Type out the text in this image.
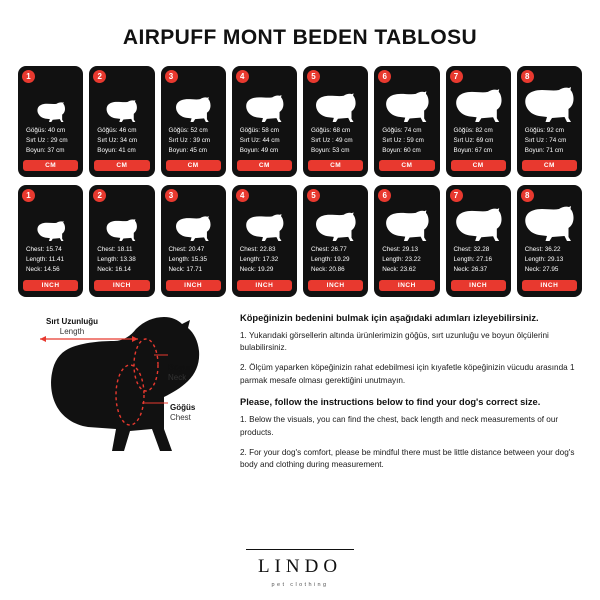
AIRPUFF MONT BEDEN TABLOSU
1
Göğüs: 40 cm
Sırt Uz : 29 cm
Boyun: 37 cm
CM
2
Göğüs: 46 cm
Sırt Uz: 34 cm
Boyun: 41 cm
CM
3
Göğüs: 52 cm
Sırt Uz : 39 cm
Boyun: 45 cm
CM
4
Göğüs: 58 cm
Sırt Uz: 44 cm
Boyun: 49 cm
CM
5
Göğüs: 68 cm
Sırt Uz : 49 cm
Boyun: 53 cm
CM
6
Göğüs: 74 cm
Sırt Uz : 59 cm
Boyun: 60 cm
CM
7
Göğüs: 82 cm
Sırt Uz: 69 cm
Boyun: 67 cm
CM
8
Göğüs: 92 cm
Sırt Uz : 74 cm
Boyun: 71 cm
CM
1
Chest: 15.74
Length: 11.41
Neck: 14.56
INCH
2
Chest: 18.11
Length: 13.38
Neck: 16.14
INCH
3
Chest: 20.47
Length: 15.35
Neck: 17.71
INCH
4
Chest: 22.83
Length: 17.32
Neck: 19.29
INCH
5
Chest: 26.77
Length: 19.29
Neck: 20.86
INCH
6
Chest: 29.13
Length: 23.22
Neck: 23.62
INCH
7
Chest: 32.28
Length: 27.16
Neck: 26.37
INCH
8
Chest: 36.22
Length: 29.13
Neck: 27.95
INCH
Sırt Uzunluğu
Length
Boyun
Neck
Göğüs
Chest
Köpeğinizin bedenini bulmak için aşağıdaki adımları izleyebilirsiniz.

1. Yukarıdaki görsellerin altında ürünlerimizin göğüs, sırt uzunluğu ve boyun ölçülerini bulabilirsiniz.

2. Ölçüm yaparken köpeğinizin rahat edebilmesi için kıyafetle köpeğinizin vücudu arasında 1 parmak mesafe olması gerektiğini unutmayın.

Please, follow the instructions below to find your dog's correct size.

1. Below the visuals, you can find the chest, back length and neck measurements of our products.

2. For your dog's comfort, please be mindful there must be little distance between your dog's body and clothing during measurement.

LINDO
pet clothing
